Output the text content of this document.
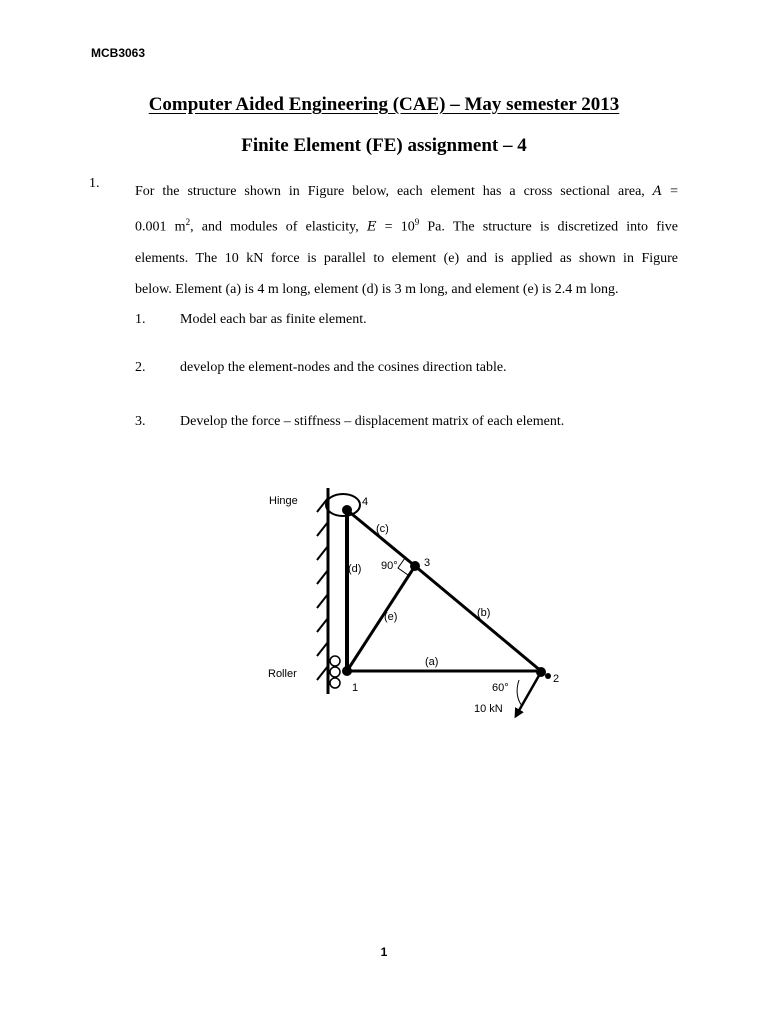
MCB3063
Computer Aided Engineering (CAE) – May semester 2013
Finite Element (FE) assignment – 4
1.
For the structure shown in Figure below, each element has a cross sectional area, A =
0.001 $m^2$, and modules of elasticity, $E = 10^9$ Pa. The structure is discretized into five
elements. The 10 kN force is parallel to element (e) and is applied as shown in Figure
below. Element (a) is 4 m long, element (d) is 3 m long, and element (e) is 2.4 m long.
1. Model each bar as finite element.
2. develop the element-nodes and the cosines direction table.
3. Develop the force – stiffness – displacement matrix of each element.
Hinge
Roller
4
3
1
2
(a)
(b)
(c)
(d)
(e)
90°
60°
10 kN
1
